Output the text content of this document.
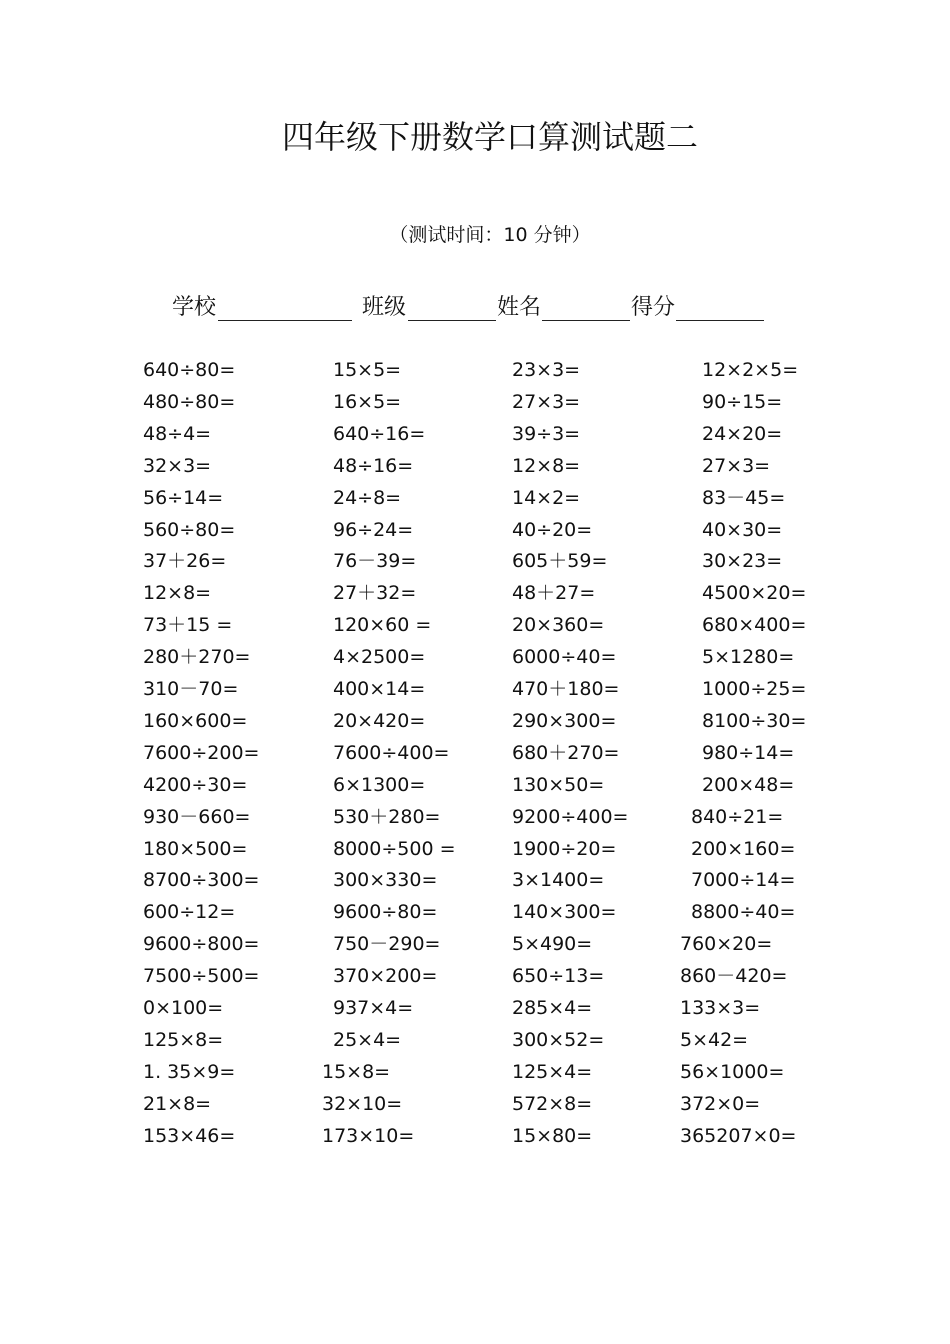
四年级下册数学口算测试题二
（测试时间：10 分钟）
学校	班级	姓名	得分
640÷80=	15×5=	23×3=	12×2×5=
480÷80=	16×5=	27×3=	90÷15=
48÷4=	640÷16=	39÷3=	24×20=
32×3=	48÷16=	12×8=	27×3=
56÷14=	24÷8=	14×2=	83－45=
560÷80=	96÷24=	40÷20=	40×30=
37＋26=	76－39=	605＋59=	30×23=
12×8=	27＋32=	48＋27=	4500×20=
73＋15 =	120×60 =	20×360=	680×400=
280＋270=	4×2500=	6000÷40=	5×1280=
310－70=	400×14=	470＋180=	1000÷25=
160×600=	20×420=	290×300=	8100÷30=
7600÷200=	7600÷400=	680＋270=	980÷14=
4200÷30=	6×1300=	130×50=	200×48=
930－660=	530＋280=	9200÷400=	840÷21=
180×500=	8000÷500 =	1900÷20=	200×160=
8700÷300=	300×330=	3×1400=	7000÷14=
600÷12=	9600÷80=	140×300=	8800÷40=
9600÷800=	750－290=	5×490=	760×20=
7500÷500=	370×200=	650÷13=	860－420=
0×100=	937×4=	285×4=	133×3=
125×8=	25×4=	300×52=	5×42=
1. 35×9=	15×8=	125×4=	56×1000=
21×8=	32×10=	572×8=	372×0=
153×46=	173×10=	15×80=	365207×0=
